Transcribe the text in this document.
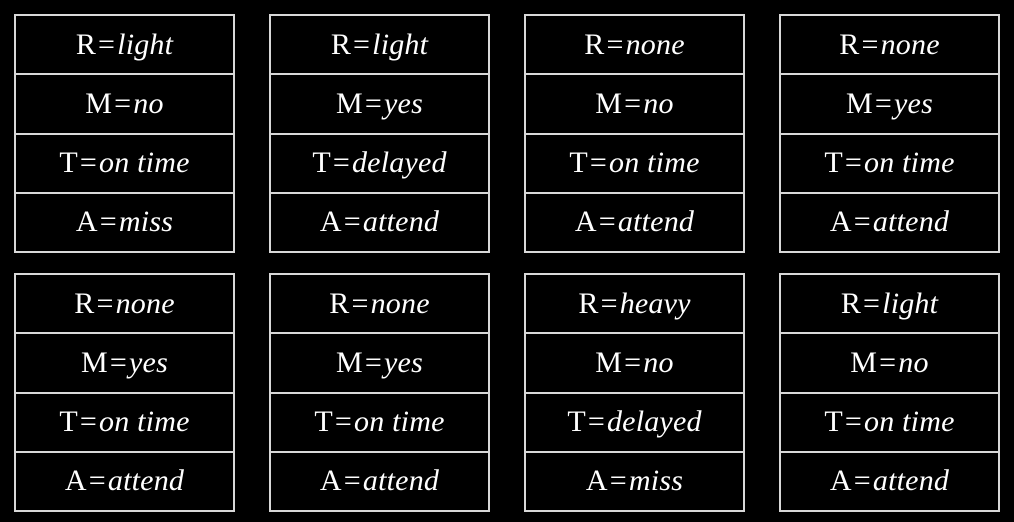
R=light
M=no
T=on time
A=miss
R=light
M=yes
T=delayed
A=attend
R=none
M=no
T=on time
A=attend
R=none
M=yes
T=on time
A=attend
R=none
M=yes
T=on time
A=attend
R=none
M=yes
T=on time
A=attend
R=heavy
M=no
T=delayed
A=miss
R=light
M=no
T=on time
A=attend
